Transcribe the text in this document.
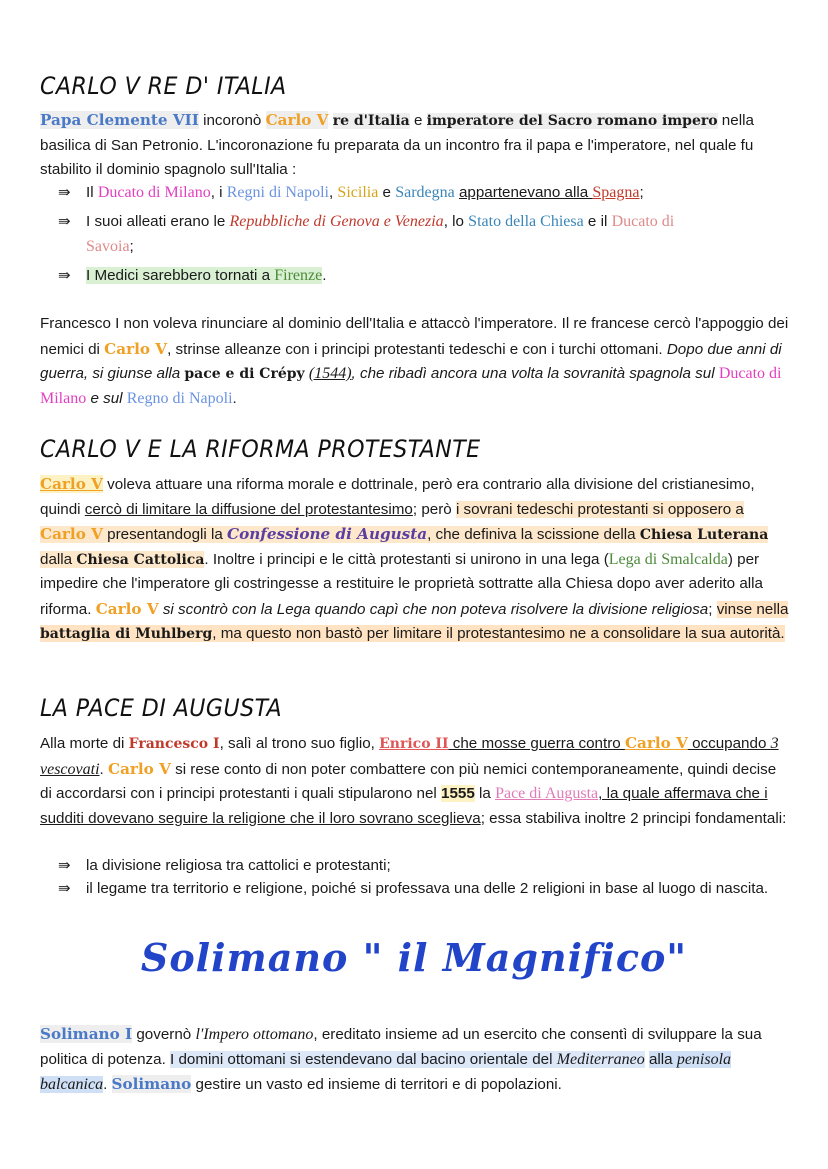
CARLO V RE D' ITALIA

Papa Clemente VII incoronò Carlo V re d'Italia e imperatore del Sacro romano impero nella basilica di San Petronio. L'incoronazione fu preparata da un incontro fra il papa e l'imperatore, nel quale fu stabilito il dominio spagnolo sull'Italia :

⇛ Il Ducato di Milano, i Regni di Napoli, Sicilia e Sardegna appartenevano alla Spagna;
⇛ I suoi alleati erano le Repubbliche di Genova e Venezia, lo Stato della Chiesa e il Ducato di
Savoia;
⇛ I Medici sarebbero tornati a Firenze.

Francesco I non voleva rinunciare al dominio dell'Italia e attaccò l'imperatore. Il re francese cercò l'appoggio dei nemici di Carlo V, strinse alleanze con i principi protestanti tedeschi e con i turchi ottomani. Dopo due anni di guerra, si giunse alla pace e di Crépy (1544), che ribadì ancora una volta la sovranità spagnola sul Ducato di Milano e sul Regno di Napoli.

CARLO V E LA RIFORMA PROTESTANTE

Carlo V voleva attuare una riforma morale e dottrinale, però era contrario alla divisione del cristianesimo, quindi cercò di limitare la diffusione del protestantesimo; però i sovrani tedeschi protestanti si opposero a Carlo V presentandogli la Confessione di Augusta, che definiva la scissione della Chiesa Luterana dalla Chiesa Cattolica. Inoltre i principi e le città protestanti si unirono in una lega (Lega di Smalcalda) per impedire che l'imperatore gli costringesse a restituire le proprietà sottratte alla Chiesa dopo aver aderito alla riforma. Carlo V si scontrò con la Lega quando capì che non poteva risolvere la divisione religiosa; vinse nella battaglia di Muhlberg, ma questo non bastò per limitare il protestantesimo ne a consolidare la sua autorità.

LA PACE DI AUGUSTA

Alla morte di Francesco I, salì al trono suo figlio, Enrico II che mosse guerra contro Carlo V occupando 3 vescovati. Carlo V si rese conto di non poter combattere con più nemici contemporaneamente, quindi decise di accordarsi con i principi protestanti i quali stipularono nel 1555 la Pace di Augusta, la quale affermava che i sudditi dovevano seguire la religione che il loro sovrano sceglieva; essa stabiliva inoltre 2 principi fondamentali:

⇛ la divisione religiosa tra cattolici e protestanti;
⇛ il legame tra territorio e religione, poiché si professava una delle 2 religioni in base al luogo di nascita.
Solimano " il Magnifico"

Solimano I governò l'Impero ottomano, ereditato insieme ad un esercito che consentì di sviluppare la sua politica di potenza. I domini ottomani si estendevano dal bacino orientale del Mediterraneo alla penisola balcanica. Solimano gestire un vasto ed insieme di territori e di popolazioni.
